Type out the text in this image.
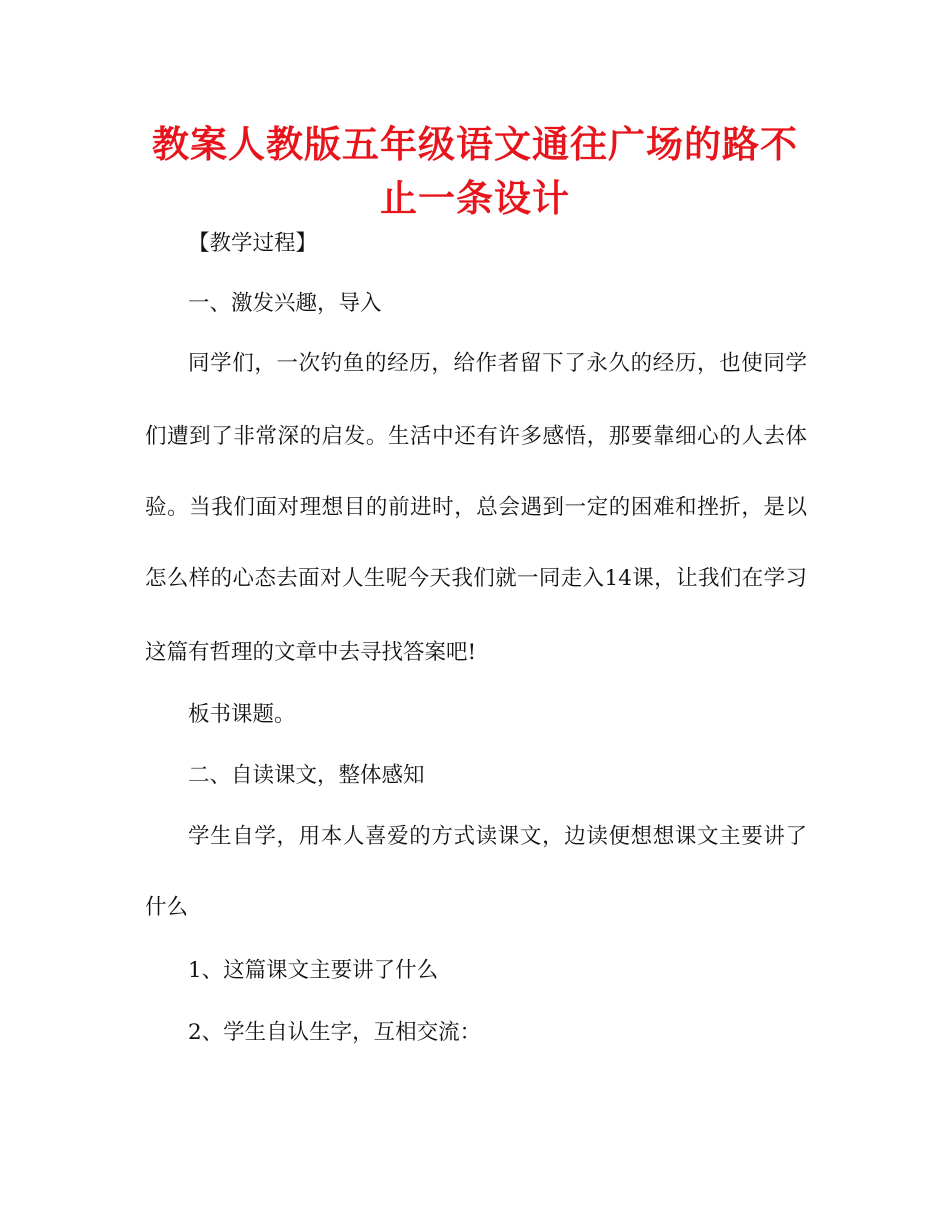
教案人教版五年级语文通往广场的路不止一条设计
【教学过程】
一、激发兴趣，导入
同学们，一次钓鱼的经历，给作者留下了永久的经历，也使同学
们遭到了非常深的启发。生活中还有许多感悟，那要靠细心的人去体
验。当我们面对理想目的前进时，总会遇到一定的困难和挫折，是以
怎么样的心态去面对人生呢今天我们就一同走入14课，让我们在学习
这篇有哲理的文章中去寻找答案吧!
板书课题。
二、自读课文，整体感知
学生自学，用本人喜爱的方式读课文，边读便想想课文主要讲了
什么
1、这篇课文主要讲了什么
2、学生自认生字，互相交流：
